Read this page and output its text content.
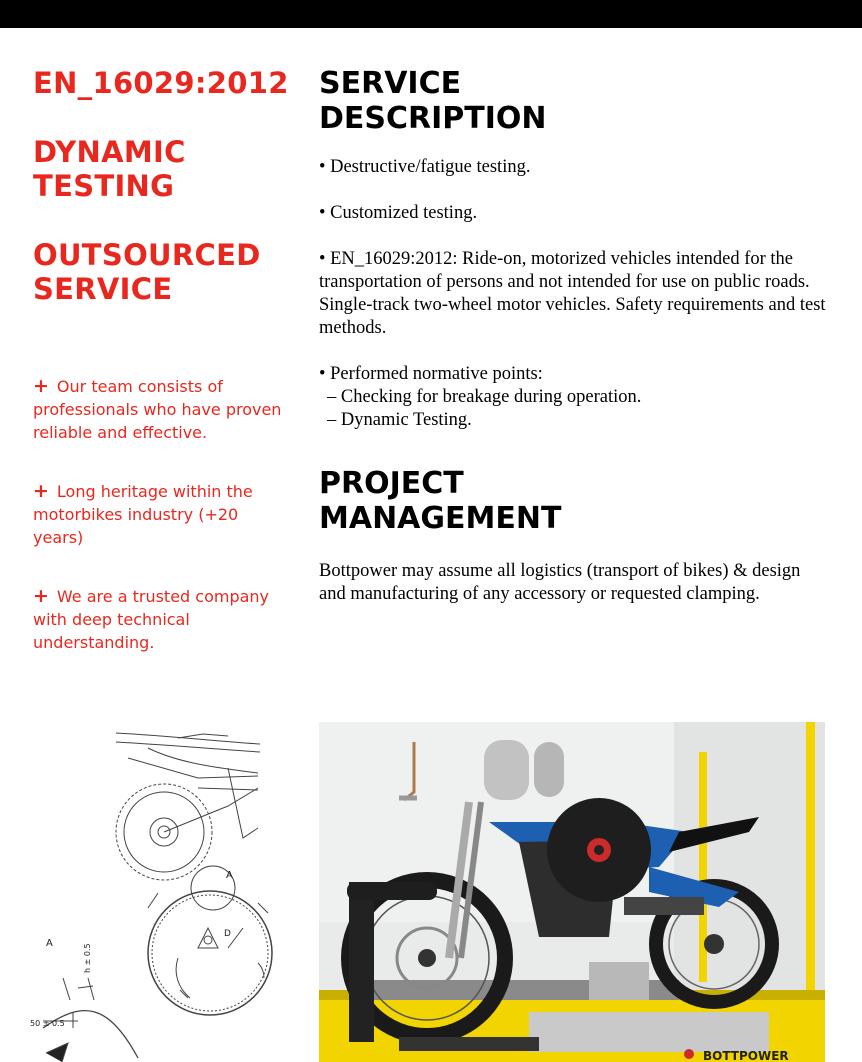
EN_16029:2012
DYNAMIC TESTING
OUTSOURCED SERVICE

+ Our team consists of professionals who have proven reliable and effective.

+ Long heritage within the motorbikes industry (+20 years)

+ We are a trusted company with deep technical understanding.

SERVICE DESCRIPTION

• Destructive/fatigue testing.

• Customized testing.

• EN_16029:2012: Ride-on, motorized vehicles intended for the transportation of persons and not intended for use on public roads. Single-track two-wheel motor vehicles. Safety requirements and test methods.

• Performed normative points:

– Checking for breakage during operation.

– Dynamic Testing.

PROJECT MANAGEMENT

Bottpower may assume all logistics (transport of bikes) & design and manufacturing of any accessory or requested clamping.

A
A
D
h ± 0.5
50 ± 0.5
BOTTPOWER
